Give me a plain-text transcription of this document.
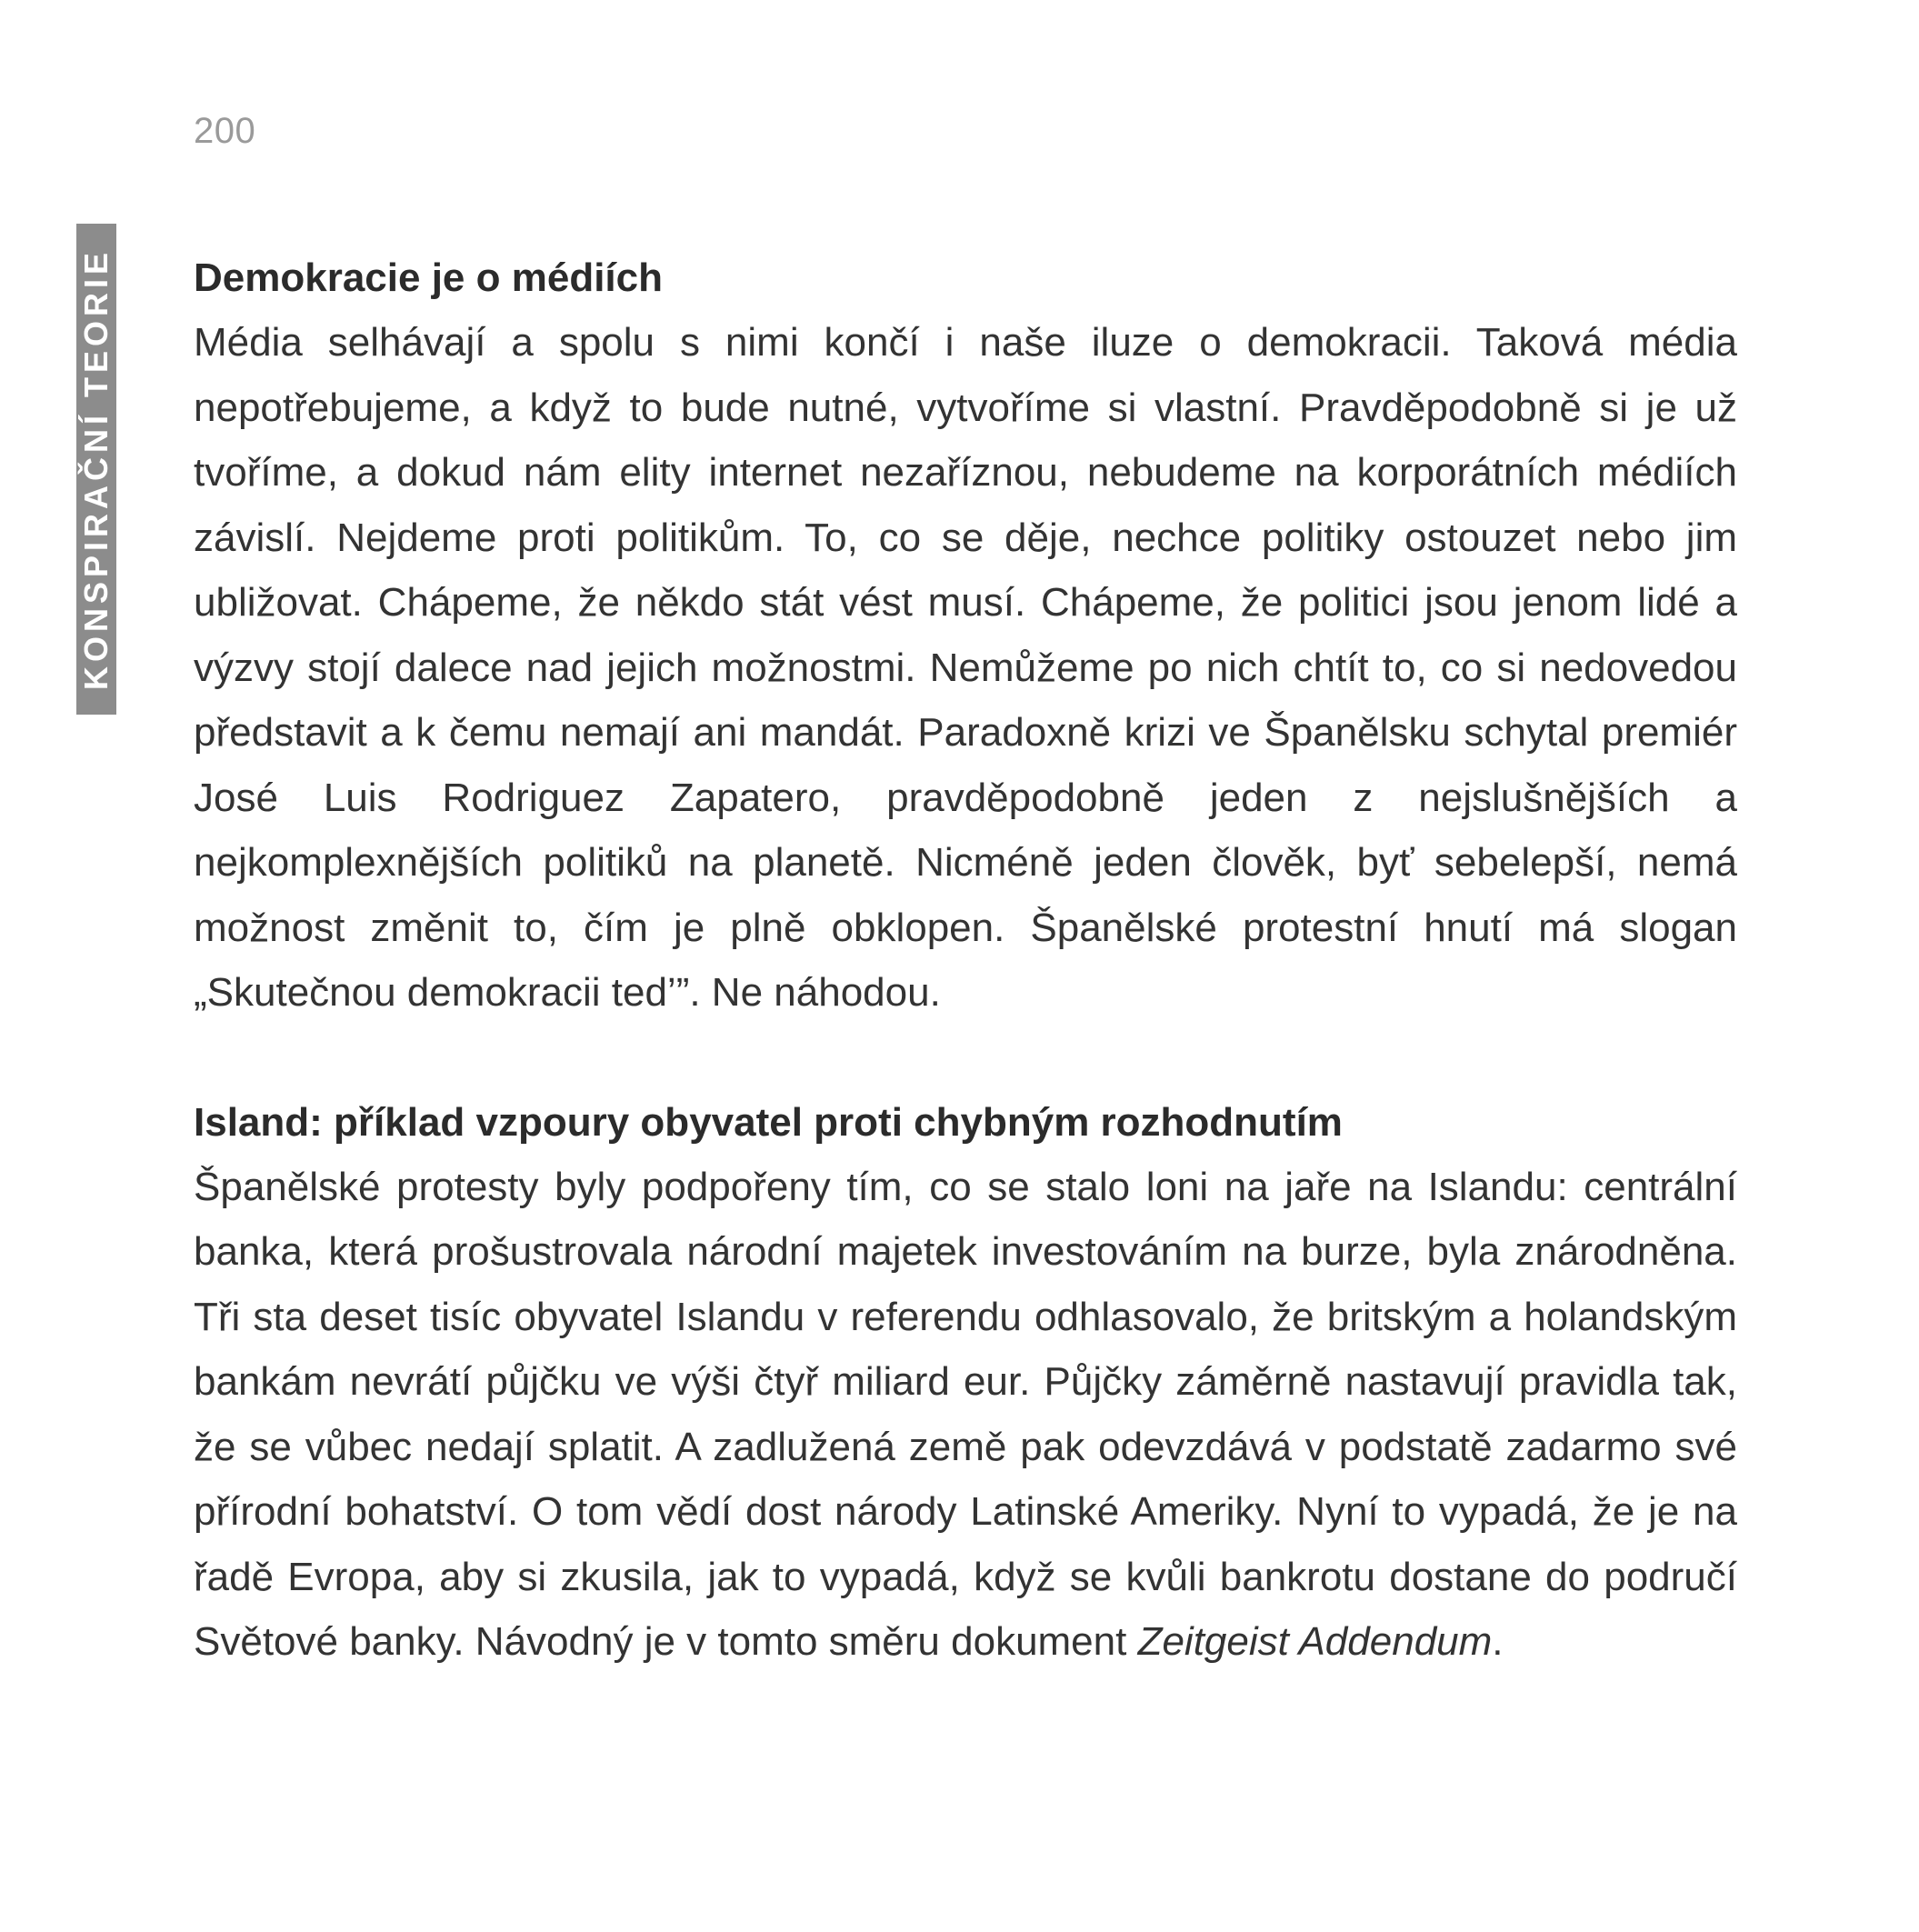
200
KONSPIRAČNÍ TEORIE Demokracie je o médiích

Média selhávají a spolu s nimi končí i naše iluze o demokracii. Taková média nepotřebujeme, a když to bude nutné, vytvoříme si vlastní. Pravděpodobně si je už tvoříme, a dokud nám elity internet nezaříznou, nebudeme na korporátních médiích závislí. Nejdeme proti politikům. To, co se děje, nechce politiky ostouzet nebo jim ubližovat. Chápeme, že někdo stát vést musí. Chápeme, že politici jsou jenom lidé a výzvy stojí dalece nad jejich možnostmi. Nemůžeme po nich chtít to, co si nedovedou představit a k čemu nemají ani mandát. Paradoxně krizi ve Španělsku schytal premiér José Luis Rodriguez Zapatero, pravděpodobně jeden z nejslušnějších a nejkomplexnějších politiků na planetě. Nicméně jeden člověk, byť sebelepší, nemá možnost změnit to, čím je plně obklopen. Španělské protestní hnutí má slogan „Skutečnou demokracii ted’”. Ne náhodou.

Island: příklad vzpoury obyvatel proti chybným rozhodnutím

Španělské protesty byly podpořeny tím, co se stalo loni na jaře na Islandu: centrální banka, která prošustrovala národní majetek investováním na burze, byla znárodněna. Tři sta deset tisíc obyvatel Islandu v referendu odhlasovalo, že britským a holandským bankám nevrátí půjčku ve výši čtyř miliard eur. Půjčky záměrně nastavují pravidla tak, že se vůbec nedají splatit. A zadlužená země pak odevzdává v podstatě zadarmo své přírodní bohatství. O tom vědí dost národy Latinské Ameriky. Nyní to vypadá, že je na řadě Evropa, aby si zkusila, jak to vypadá, když se kvůli bankrotu dostane do područí Světové banky. Návodný je v tomto směru dokument Zeitgeist Addendum.
